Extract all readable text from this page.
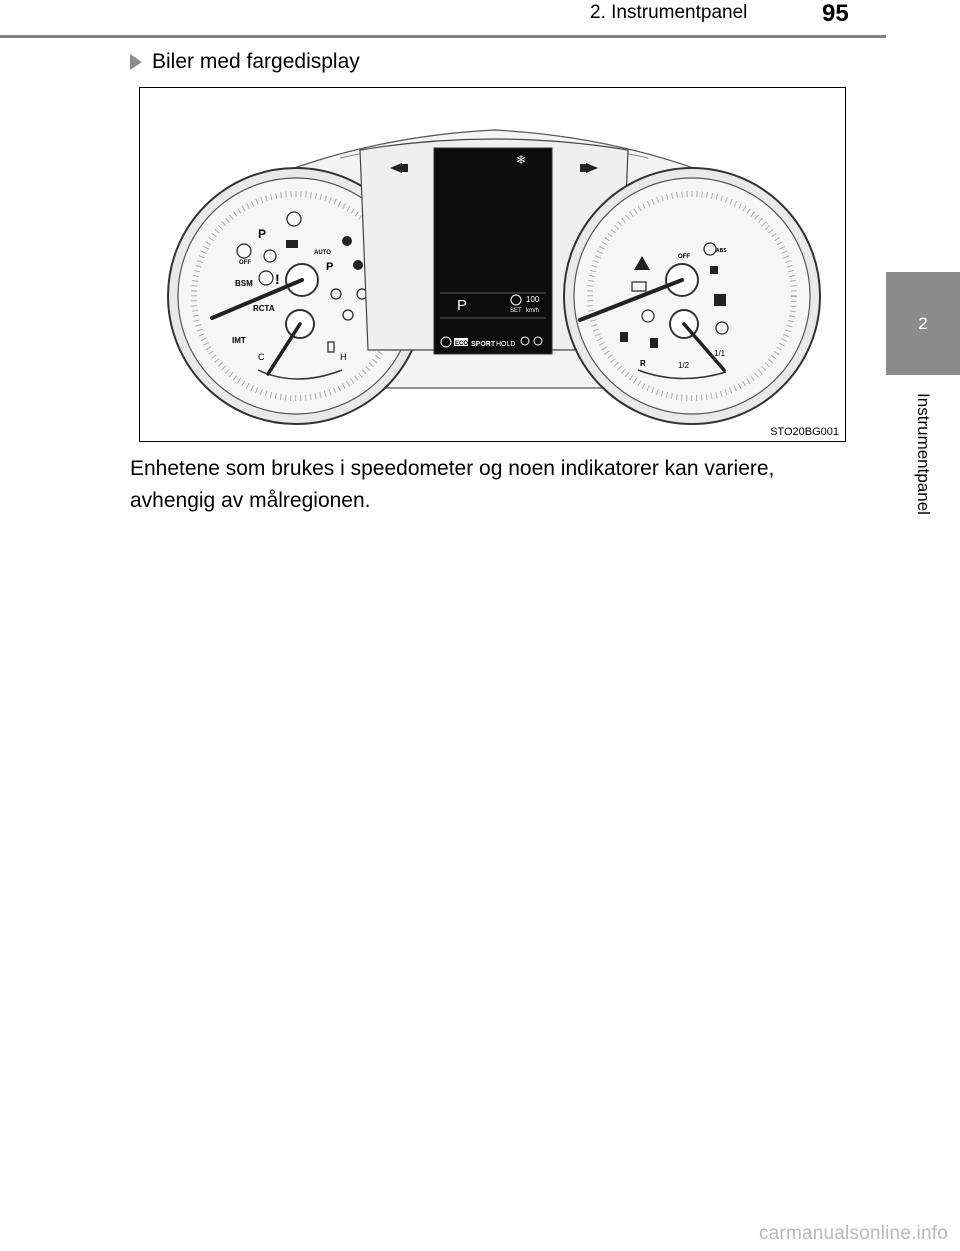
2. Instrumentpanel	95
2
Instrumentpanel
Biler med fargedisplay
BSM
RCTA
IMT
C	H
AUTO
OFF
P
!
P
❄
P	100
SET km/h
ECO SPORT HOLD
OFF
ABS
R	1/2
1/1
STO20BG001
Enhetene som brukes i speedometer og noen indikatorer kan variere, avhengig av målregionen.
carmanualsonline.info
